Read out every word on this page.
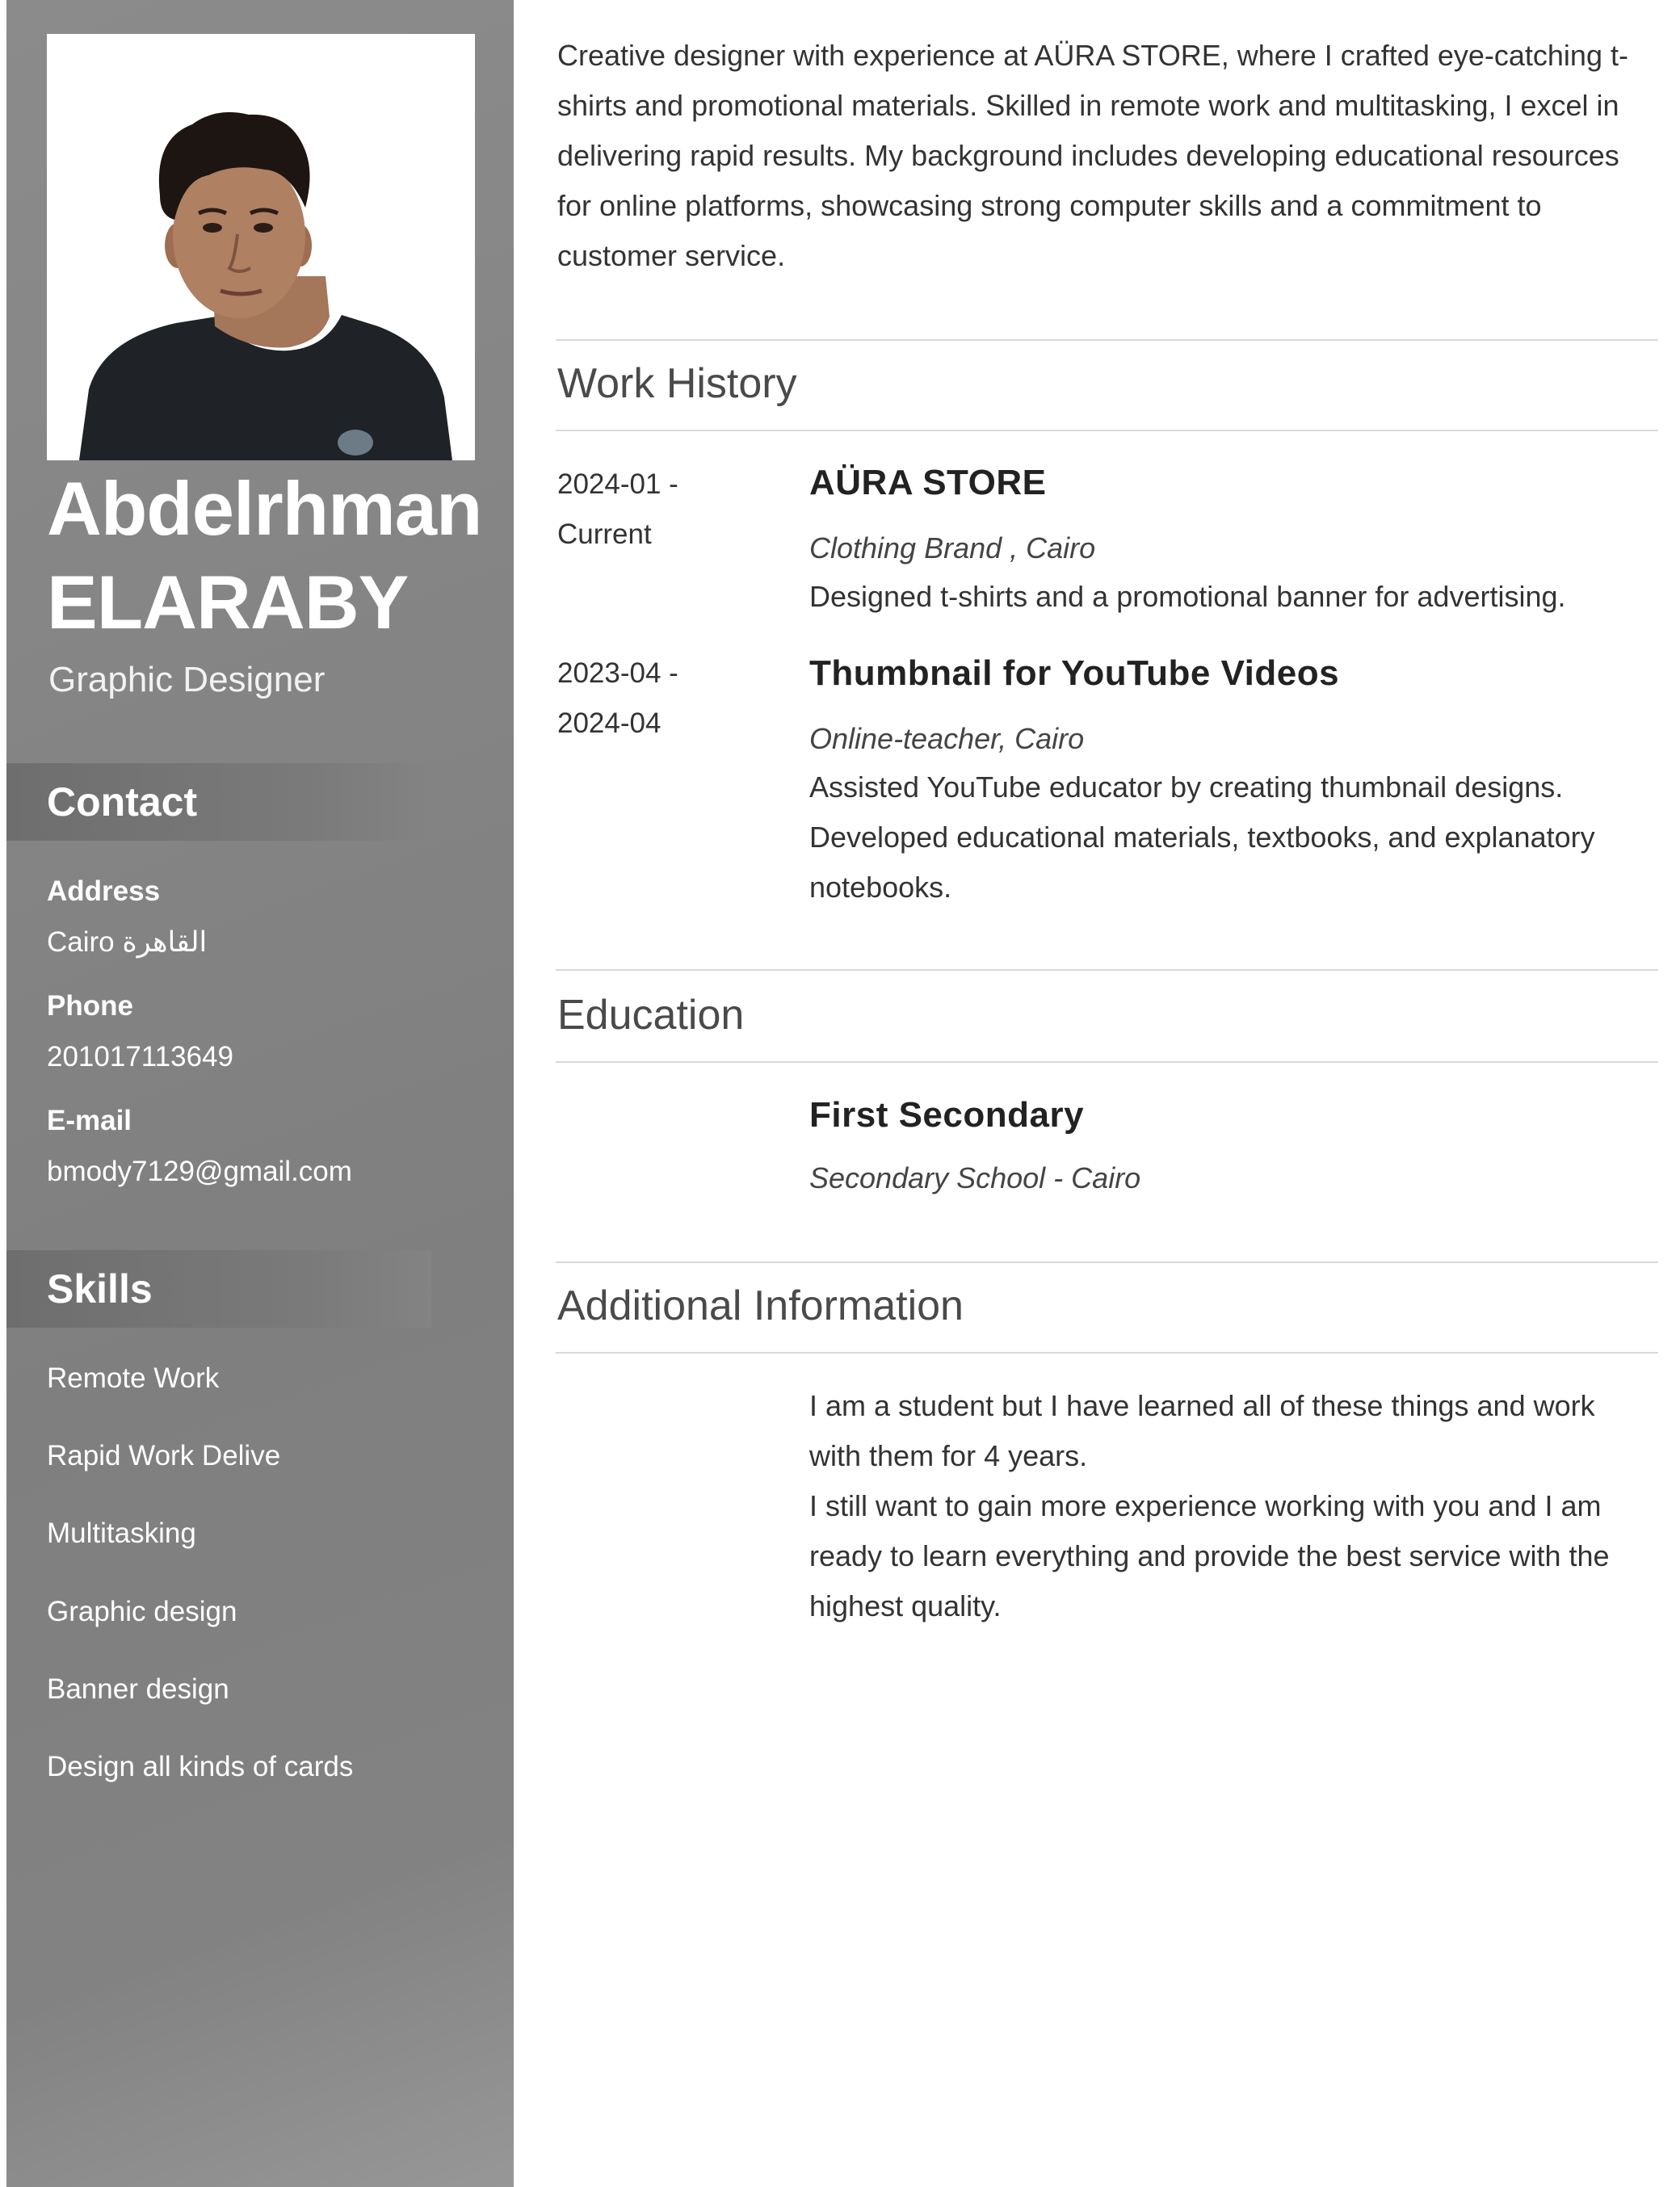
Abdelrhman
ELARABY
Graphic Designer
Contact
Address
Cairo القاهرة
Phone
201017113649
E-mail
bmody7129@gmail.com
Skills
Remote Work
Rapid Work Delive
Multitasking
Graphic design
Banner design
Design all kinds of cards
Creative designer with experience at AÜRA STORE, where I crafted eye-catching t-shirts and promotional materials. Skilled in remote work and multitasking, I excel in delivering rapid results. My background includes developing educational resources for online platforms, showcasing strong computer skills and a commitment to customer service.
Work History
2024-01 -
Current
AÜRA STORE
Clothing Brand , Cairo
Designed t-shirts and a promotional banner for advertising.
2023-04 -
2024-04
Thumbnail for YouTube Videos
Online-teacher, Cairo
Assisted YouTube educator by creating thumbnail designs.
Developed educational materials, textbooks, and explanatory notebooks.
Education
First Secondary
Secondary School - Cairo
Additional Information
I am a student but I have learned all of these things and work with them for 4 years.
I still want to gain more experience working with you and I am ready to learn everything and provide the best service with the highest quality.
